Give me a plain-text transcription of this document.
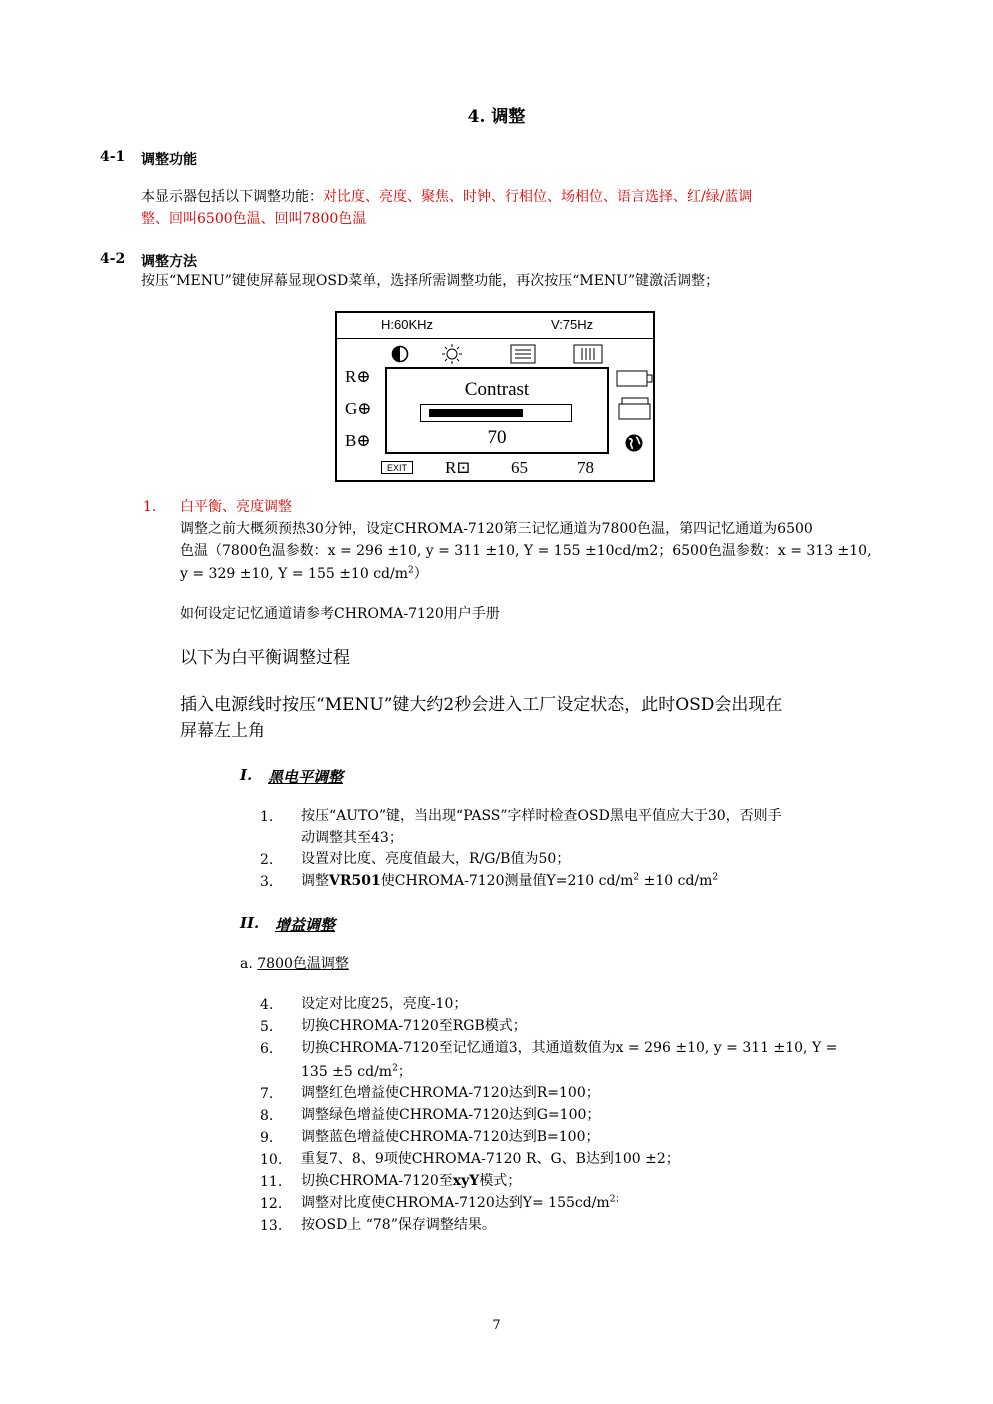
4. 调整
4-1 调整功能
本显示器包括以下调整功能：对比度、亮度、聚焦、时钟、行相位、场相位、语言选择、红/绿/蓝调
整、回叫6500色温、回叫7800色温
4-2 调整方法
按压“MENU”键使屏幕显现OSD菜单，选择所需调整功能，再次按压“MENU”键激活调整；
H:60KHz	V:75Hz
R⊕
G⊕
B⊕
Contrast
70
EXIT	R⊡ 65	78
1. 白平衡、亮度调整
调整之前大概须预热30分钟，设定CHROMA-7120第三记忆通道为7800色温，第四记忆通道为6500
色温（7800色温参数：x = 296 ±10, y = 311 ±10, Y = 155 ±10cd/m2；6500色温参数：x = 313 ±10,
y = 329 ±10, Y = 155 ±10 $cd/m^2$）
如何设定记忆通道请参考CHROMA-7120用户手册
以下为白平衡调整过程
插入电源线时按压“MENU”键大约2秒会进入工厂设定状态，此时OSD会出现在
屏幕左上角
I. 黑电平调整
1. 按压“AUTO”键，当出现“PASS”字样时检查OSD黑电平值应大于30，否则手
动调整其至43；
2. 设置对比度、亮度值最大，R/G/B值为50；
3. 调整VR501使CHROMA-7120测量值Y=210 $cd/m^2 \pm 10$ $cd/m^2$
II. 增益调整
a. 7800色温调整
4. 设定对比度25，亮度-10；
5. 切换CHROMA-7120至RGB模式；
6. 切换CHROMA-7120至记忆通道3，其通道数值为x = 296 ±10, y = 311 ±10, Y =
135 ±5 $cd/m^2$；
7. 调整红色增益使CHROMA-7120达到R=100；
8. 调整绿色增益使CHROMA-7120达到G=100；
9. 调整蓝色增益使CHROMA-7120达到B=100；
10. 重复7、8、9项使CHROMA-7120 R、G、B达到100 ±2；
11. 切换CHROMA-7120至xyY模式；
12. 调整对比度使CHROMA-7120达到$Y= 155cd/m^{2;}$
13. 按OSD上 “78”保存调整结果。
7
